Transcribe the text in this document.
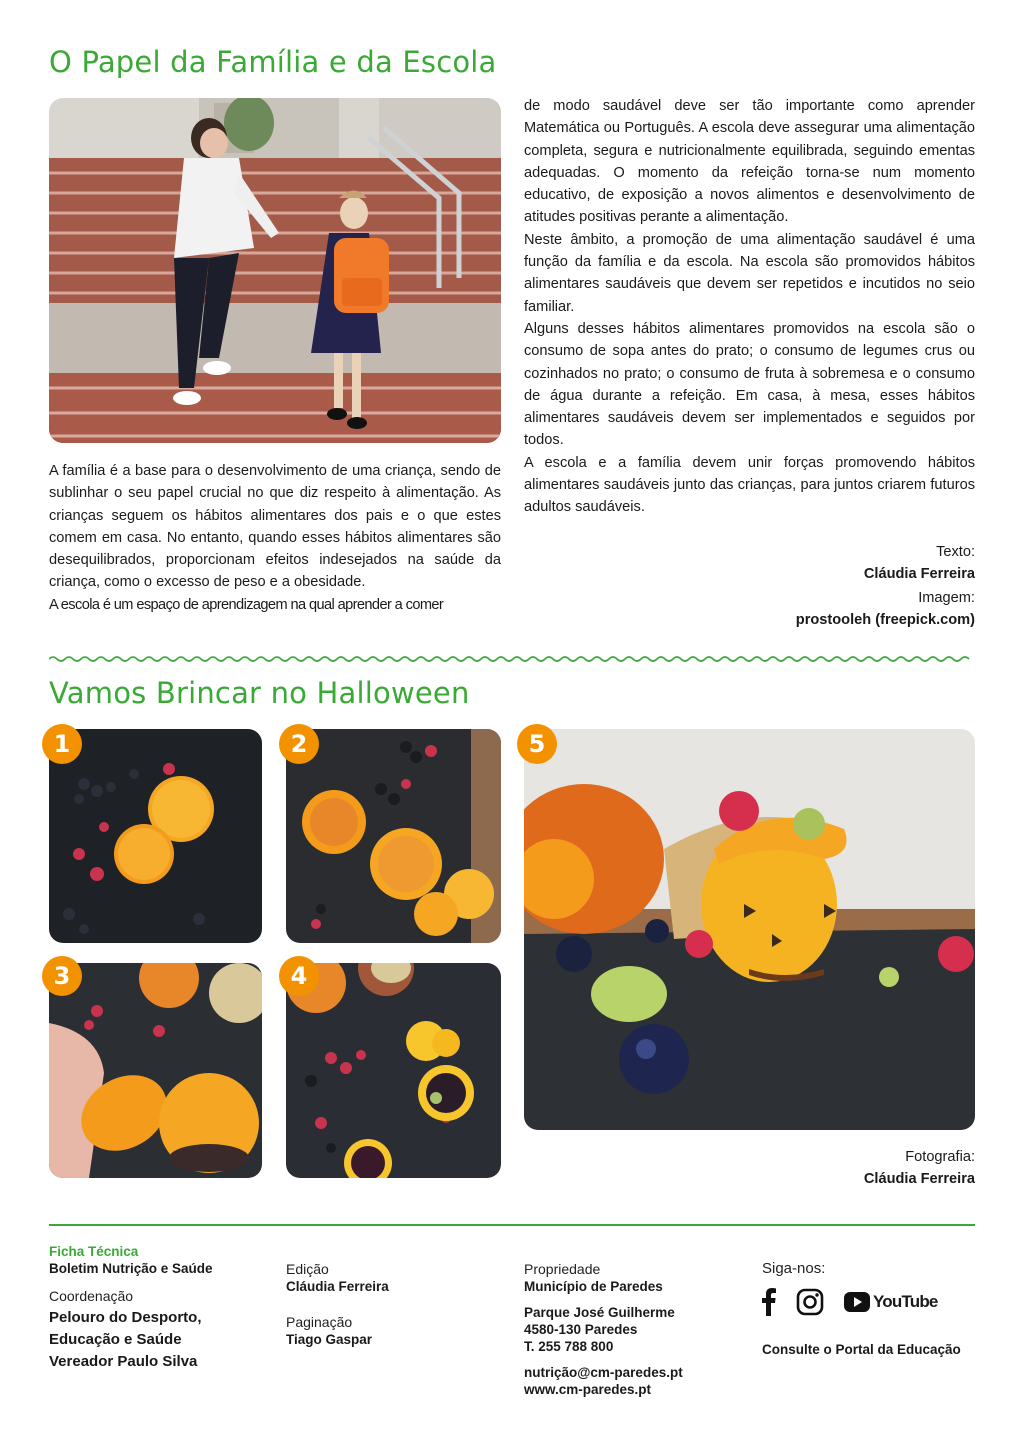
O Papel da Família e da Escola

A família é a base para o desenvolvimento de uma criança, sendo de sublinhar o seu papel crucial no que diz respeito à alimentação. As crianças seguem os hábitos alimentares dos pais e o que estes comem em casa. No entanto, quando esses hábitos alimentares são desequilibrados, proporcionam efeitos indesejados na saúde da criança, como o excesso de peso e a obesidade.

A escola é um espaço de aprendizagem na qual aprender a comer

de modo saudável deve ser tão importante como aprender Matemática ou Português. A escola deve assegurar uma alimentação completa, segura e nutricionalmente equilibrada, seguindo ementas adequadas. O momento da refeição torna-se num momento educativo, de exposição a novos alimentos e desenvolvimento de atitudes positivas perante a alimentação.

Neste âmbito, a promoção de uma alimentação saudável é uma função da família e da escola. Na escola são promovidos hábitos alimentares saudáveis que devem ser repetidos e incutidos no seio familiar.

Alguns desses hábitos alimentares promovidos na escola são o consumo de sopa antes do prato; o consumo de legumes crus ou cozinhados no prato; o consumo de fruta à sobremesa e o consumo de água durante a refeição. Em casa, à mesa, esses hábitos alimentares saudáveis devem ser implementados e seguidos por todos.

A escola e a família devem unir forças promovendo hábitos alimentares saudáveis junto das crianças, para juntos criarem futuros adultos saudáveis.

Texto:
Cláudia Ferreira
Imagem:
prostooleh (freepick.com)
Vamos Brincar no Halloween
1	2
3	4
5
Fotografia:
Cláudia Ferreira
Ficha Técnica
Boletim Nutrição e Saúde
Coordenação
Pelouro do Desporto,
Educação e Saúde
Vereador Paulo Silva
Edição
Cláudia Ferreira
Paginação
Tiago Gaspar
Propriedade
Município de Paredes
Parque José Guilherme
4580-130 Paredes
T. 255 788 800
nutrição@cm-paredes.pt
www.cm-paredes.pt
Siga-nos:
YouTube
Consulte o Portal da Educação
